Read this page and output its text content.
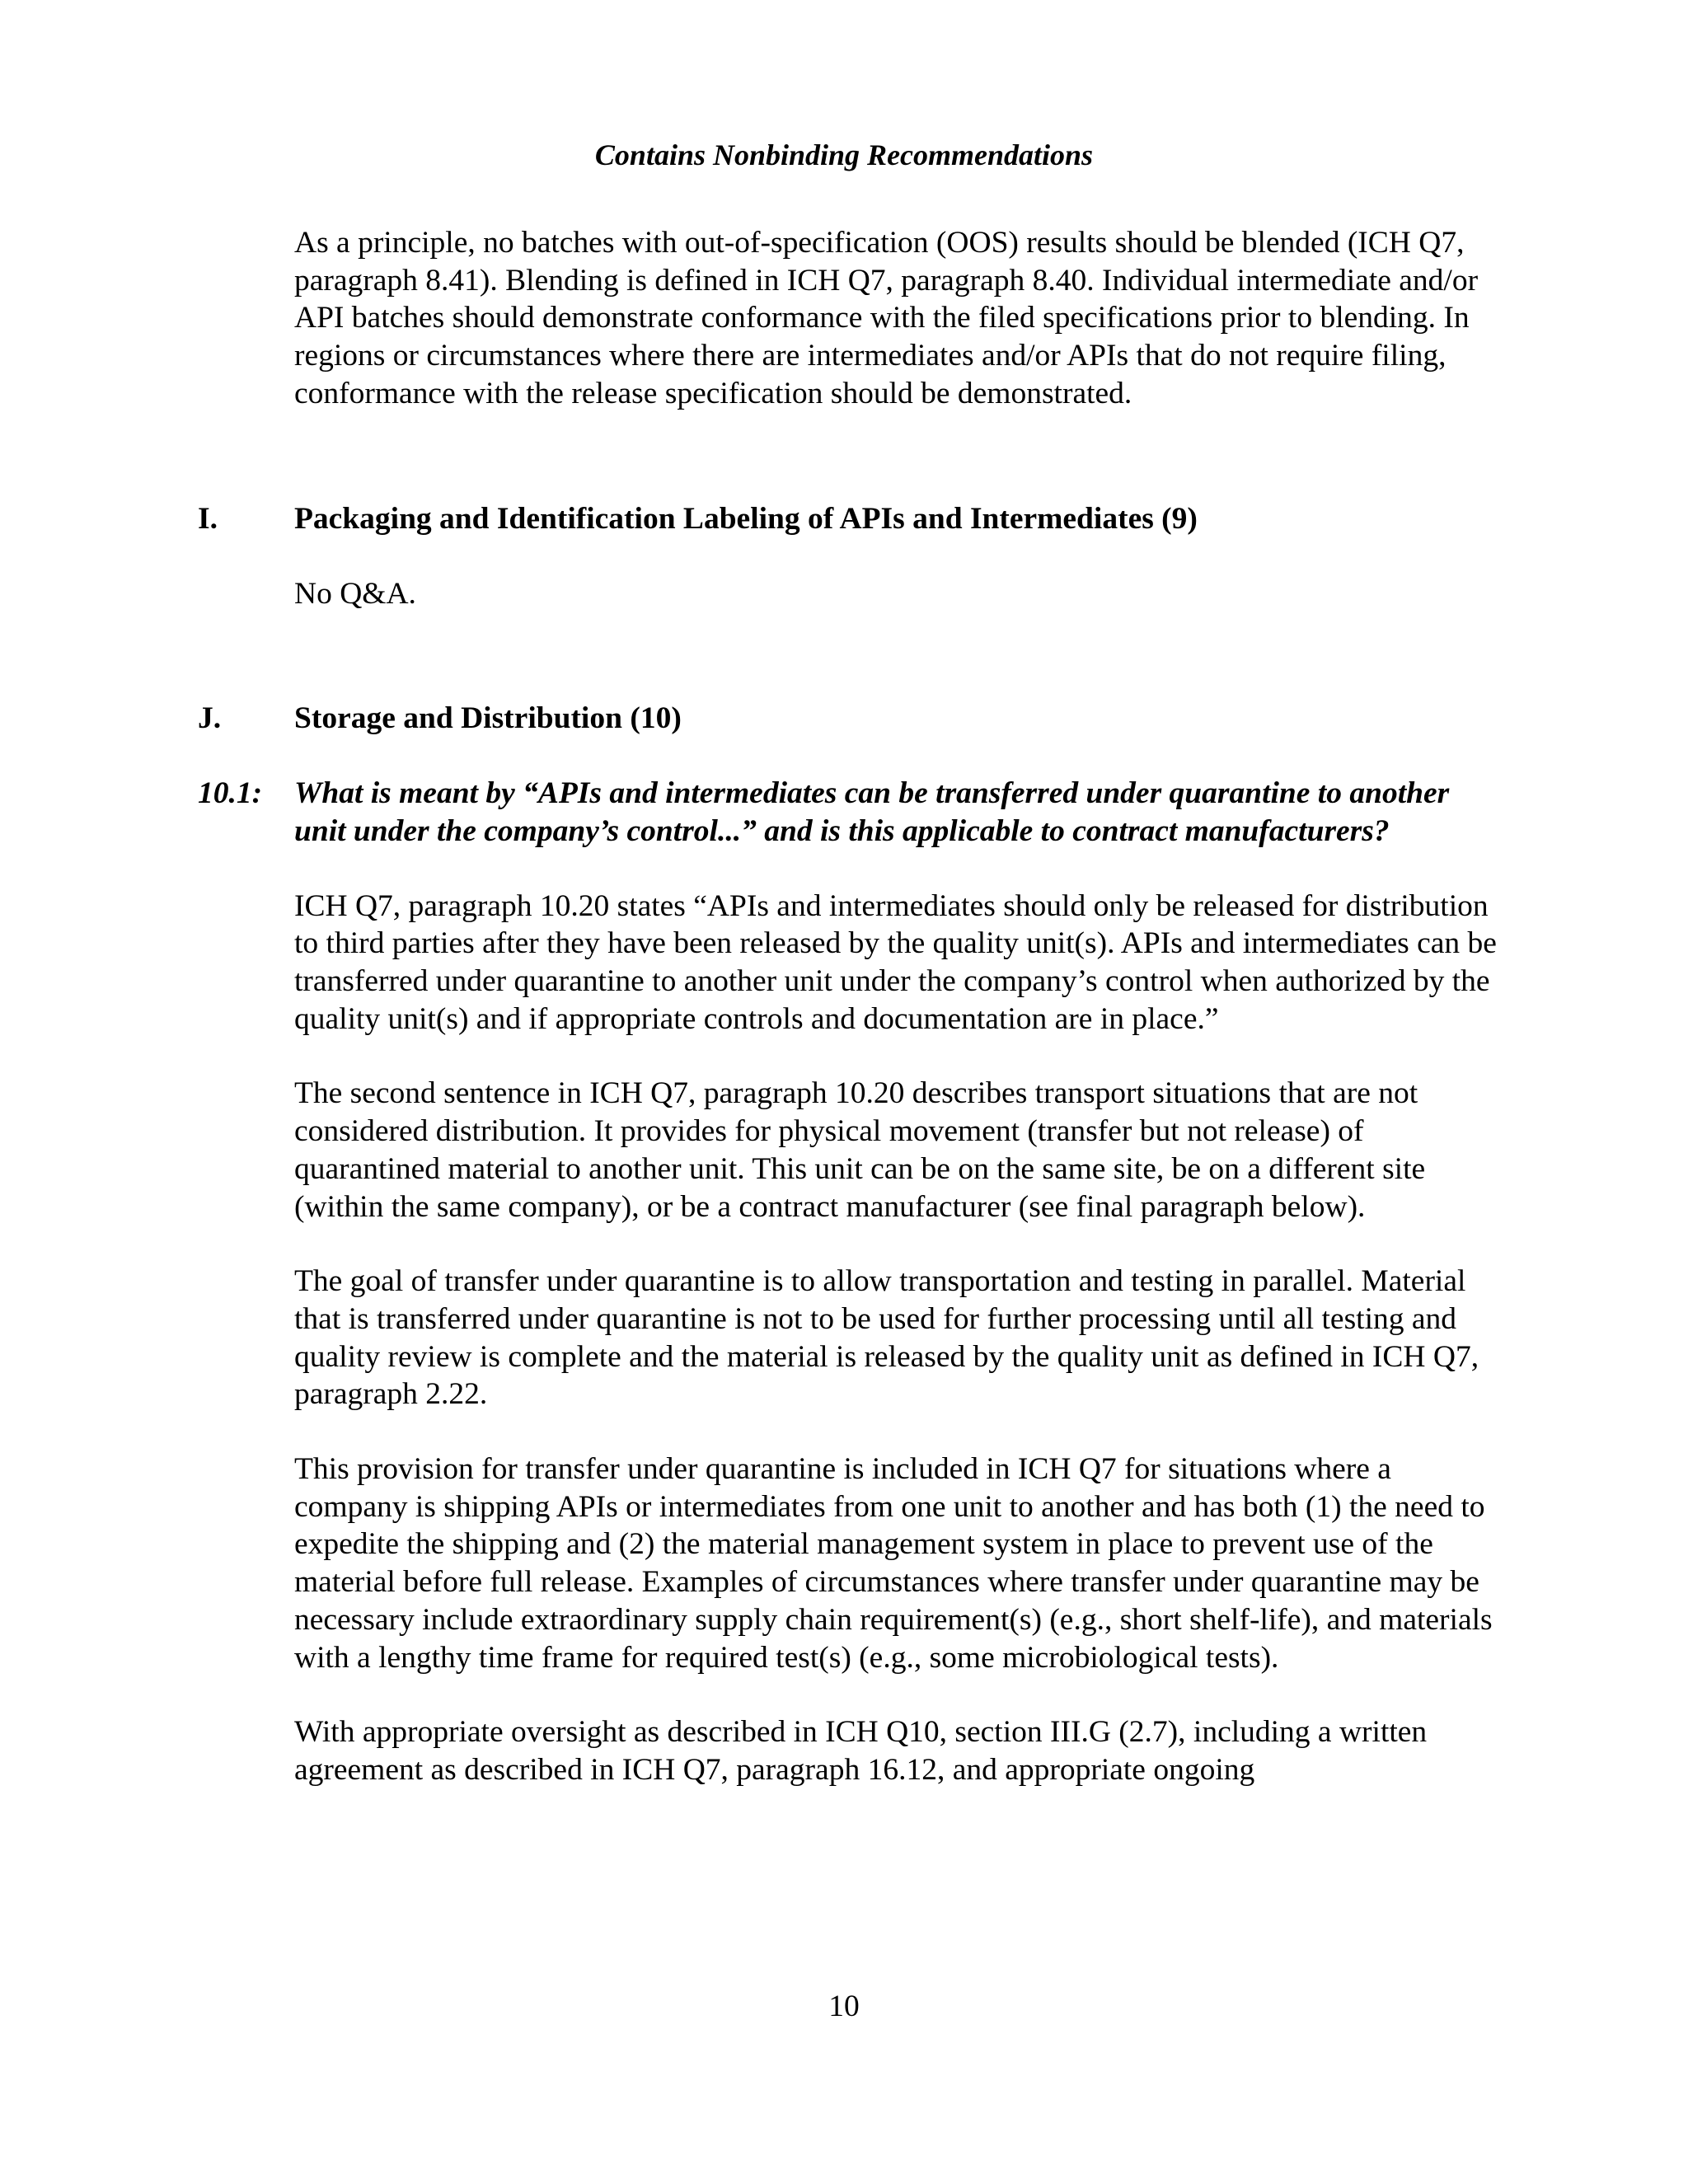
Contains Nonbinding Recommendations

As a principle, no batches with out-of-specification (OOS) results should be blended (ICH Q7, paragraph 8.41). Blending is defined in ICH Q7, paragraph 8.40. Individual intermediate and/or API batches should demonstrate conformance with the filed specifications prior to blending. In regions or circumstances where there are intermediates and/or APIs that do not require filing, conformance with the release specification should be demonstrated.

I.	Packaging and Identification Labeling of APIs and Intermediates (9)

No Q&A.

J.	Storage and Distribution (10)
10.1:	What is meant by “APIs and intermediates can be transferred under quarantine to another unit under the company’s control...” and is this applicable to contract manufacturers?

ICH Q7, paragraph 10.20 states “APIs and intermediates should only be released for distribution to third parties after they have been released by the quality unit(s). APIs and intermediates can be transferred under quarantine to another unit under the company’s control when authorized by the quality unit(s) and if appropriate controls and documentation are in place.”

The second sentence in ICH Q7, paragraph 10.20 describes transport situations that are not considered distribution. It provides for physical movement (transfer but not release) of quarantined material to another unit. This unit can be on the same site, be on a different site (within the same company), or be a contract manufacturer (see final paragraph below).

The goal of transfer under quarantine is to allow transportation and testing in parallel. Material that is transferred under quarantine is not to be used for further processing until all testing and quality review is complete and the material is released by the quality unit as defined in ICH Q7, paragraph 2.22.

This provision for transfer under quarantine is included in ICH Q7 for situations where a company is shipping APIs or intermediates from one unit to another and has both (1) the need to expedite the shipping and (2) the material management system in place to prevent use of the material before full release. Examples of circumstances where transfer under quarantine may be necessary include extraordinary supply chain requirement(s) (e.g., short shelf-life), and materials with a lengthy time frame for required test(s) (e.g., some microbiological tests).

With appropriate oversight as described in ICH Q10, section III.G (2.7), including a written agreement as described in ICH Q7, paragraph 16.12, and appropriate ongoing

10
